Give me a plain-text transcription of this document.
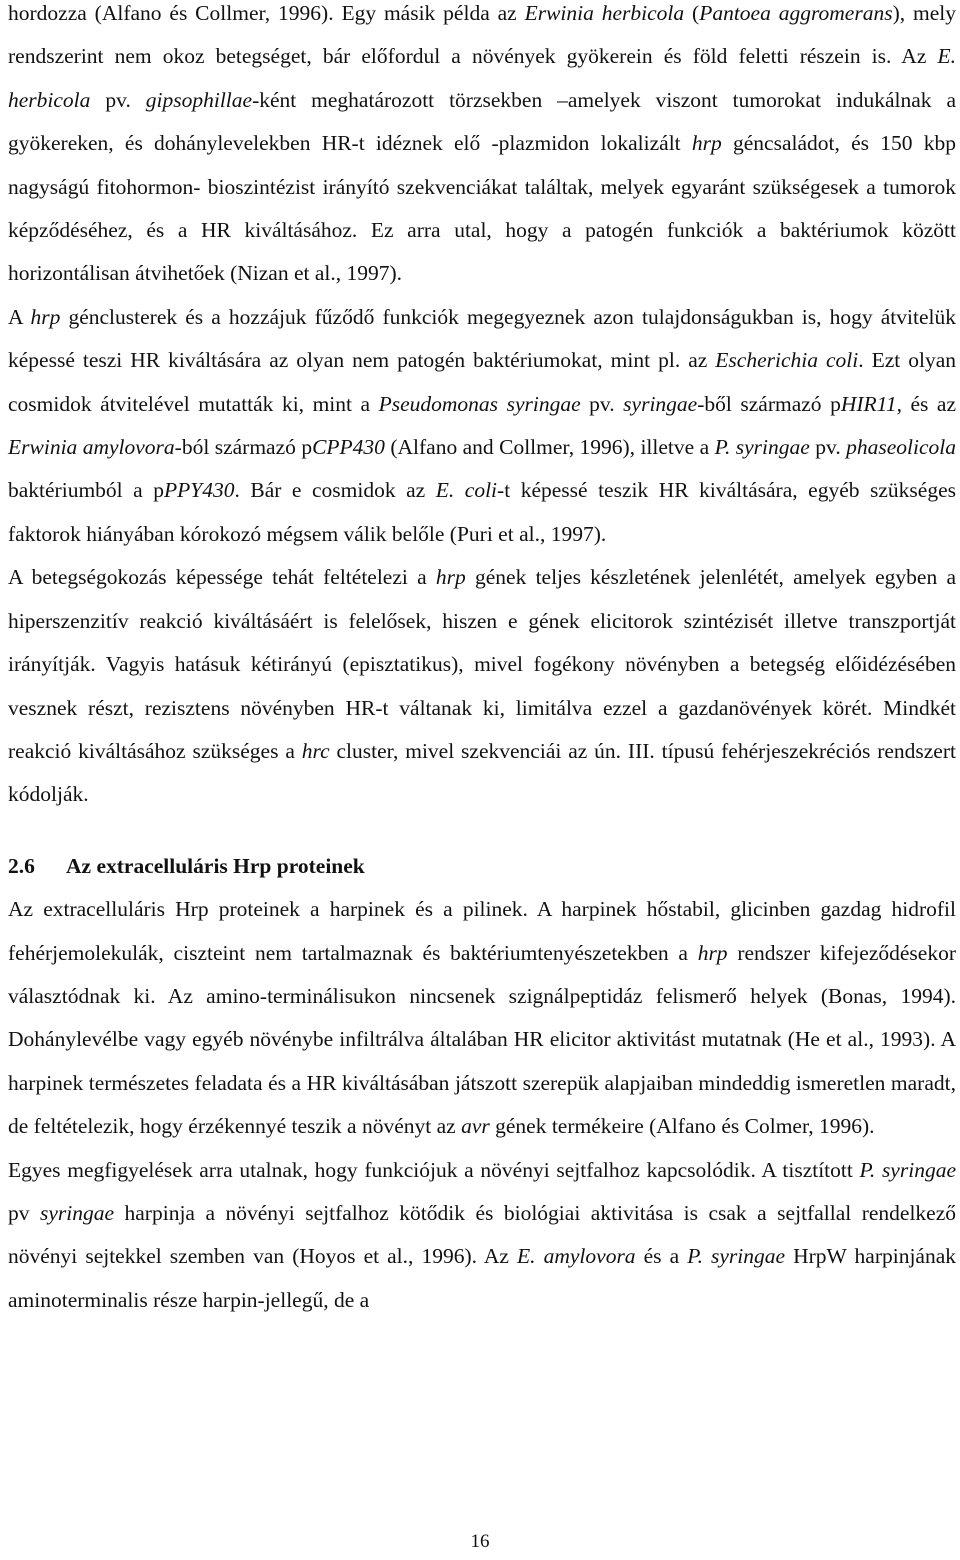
hordozza (Alfano és Collmer, 1996). Egy másik példa az Erwinia herbicola (Pantoea aggromerans), mely rendszerint nem okoz betegséget, bár előfordul a növények gyökerein és föld feletti részein is. Az E. herbicola pv. gipsophillae-ként meghatározott törzsekben –amelyek viszont tumorokat indukálnak a gyökereken, és dohánylevelekben HR-t idéznek elő -plazmidon lokalizált hrp géncsaládot, és 150 kbp nagyságú fitohormon- bioszintézist irányító szekvenciákat találtak, melyek egyaránt szükségesek a tumorok képződéséhez, és a HR kiváltásához. Ez arra utal, hogy a patogén funkciók a baktériumok között horizontálisan átvihetőek (Nizan et al., 1997).

A hrp génclusterek és a hozzájuk fűződő funkciók megegyeznek azon tulajdonságukban is, hogy átvitelük képessé teszi HR kiváltására az olyan nem patogén baktériumokat, mint pl. az Escherichia coli. Ezt olyan cosmidok átvitelével mutatták ki, mint a Pseudomonas syringae pv. syringae-ből származó pHIR11, és az Erwinia amylovora-ból származó pCPP430 (Alfano and Collmer, 1996), illetve a P. syringae pv. phaseolicola baktériumból a pPPY430. Bár e cosmidok az E. coli-t képessé teszik HR kiváltására, egyéb szükséges faktorok hiányában kórokozó mégsem válik belőle (Puri et al., 1997).

A betegségokozás képessége tehát feltételezi a hrp gének teljes készletének jelenlétét, amelyek egyben a hiperszenzitív reakció kiváltásáért is felelősek, hiszen e gének elicitorok szintézisét illetve transzportját irányítják. Vagyis hatásuk kétirányú (episztatikus), mivel fogékony növényben a betegség előidézésében vesznek részt, rezisztens növényben HR-t váltanak ki, limitálva ezzel a gazdanövények körét. Mindkét reakció kiváltásához szükséges a hrc cluster, mivel szekvenciái az ún. III. típusú fehérjeszekréciós rendszert kódolják.

2.6 Az extracelluláris Hrp proteinek

Az extracelluláris Hrp proteinek a harpinek és a pilinek. A harpinek hőstabil, glicinben gazdag hidrofil fehérjemolekulák, ciszteint nem tartalmaznak és baktériumtenyészetekben a hrp rendszer kifejeződésekor választódnak ki. Az amino-terminálisukon nincsenek szignálpeptidáz felismerő helyek (Bonas, 1994). Dohánylevélbe vagy egyéb növénybe infiltrálva általában HR elicitor aktivitást mutatnak (He et al., 1993). A harpinek természetes feladata és a HR kiváltásában játszott szerepük alapjaiban mindeddig ismeretlen maradt, de feltételezik, hogy érzékennyé teszik a növényt az avr gének termékeire (Alfano és Colmer, 1996).

Egyes megfigyelések arra utalnak, hogy funkciójuk a növényi sejtfalhoz kapcsolódik. A tisztított P. syringae pv syringae harpinja a növényi sejtfalhoz kötődik és biológiai aktivitása is csak a sejtfallal rendelkező növényi sejtekkel szemben van (Hoyos et al., 1996). Az E. amylovora és a P. syringae HrpW harpinjának aminoterminalis része harpin-jellegű, de a

16
